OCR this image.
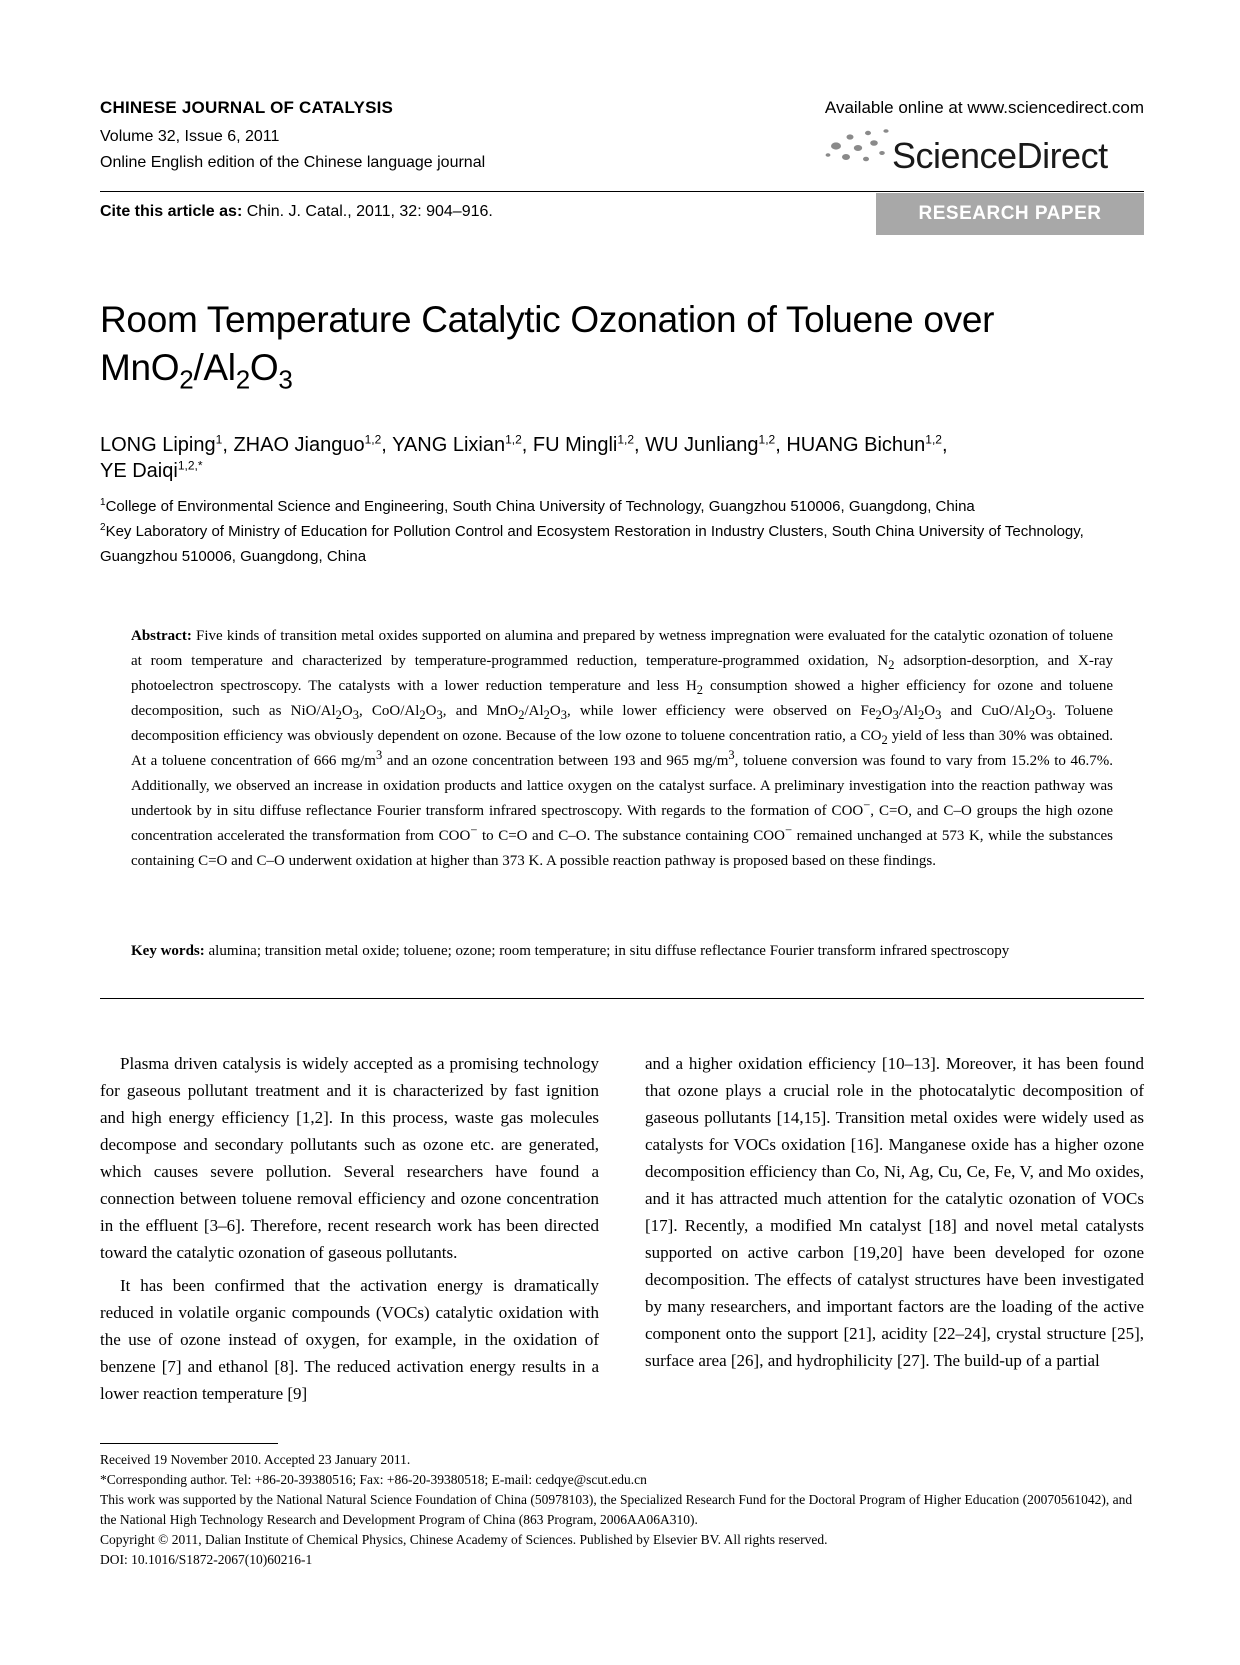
CHINESE JOURNAL OF CATALYSIS
Volume 32, Issue 6, 2011
Online English edition of the Chinese language journal
Available online at www.sciencedirect.com
ScienceDirect
Cite this article as: Chin. J. Catal., 2011, 32: 904–916.	RESEARCH PAPER
Room Temperature Catalytic Ozonation of Toluene over
$MnO_2/Al_2O_3$
LONG Liping$^1$, ZHAO Jianguo$^{1,2}$, YANG Lixian$^{1,2}$, FU Mingli$^{1,2}$, WU Junliang$^{1,2}$, HUANG Bichun$^{1,2}$,
YE Daiqi$^{1,2,*}$
$^1$College of Environmental Science and Engineering, South China University of Technology, Guangzhou 510006, Guangdong, China
$^2$Key Laboratory of Ministry of Education for Pollution Control and Ecosystem Restoration in Industry Clusters, South China University of Technology, Guangzhou 510006, Guangdong, China
Abstract: Five kinds of transition metal oxides supported on alumina and prepared by wetness impregnation were evaluated for the catalytic ozonation of toluene at room temperature and characterized by temperature-programmed reduction, temperature-programmed oxidation, $N_2$ adsorption-desorption, and X-ray photoelectron spectroscopy. The catalysts with a lower reduction temperature and less $H_2$ consumption showed a higher efficiency for ozone and toluene decomposition, such as NiO/$Al_2O_3$, CoO/$Al_2O_3$, and $MnO_2/Al_2O_3$, while lower efficiency were observed on $Fe_2O_3/Al_2O_3$ and CuO/$Al_2O_3$. Toluene decomposition efficiency was obviously dependent on ozone. Because of the low ozone to toluene concentration ratio, a $CO_2$ yield of less than 30% was obtained. At a toluene concentration of 666 $mg/m^3$ and an ozone concentration between 193 and 965 $mg/m^3$, toluene conversion was found to vary from 15.2% to 46.7%. Additionally, we observed an increase in oxidation products and lattice oxygen on the catalyst surface. A preliminary investigation into the reaction pathway was undertook by in situ diffuse reflectance Fourier transform infrared spectroscopy. With regards to the formation of COO−, C=O, and C–O groups the high ozone concentration accelerated the transformation from COO− to C=O and C–O. The substance containing COO− remained unchanged at 573 K, while the substances containing C=O and C–O underwent oxidation at higher than 373 K. A possible reaction pathway is proposed based on these findings.
Key words: alumina; transition metal oxide; toluene; ozone; room temperature; in situ diffuse reflectance Fourier transform infrared spectroscopy

Plasma driven catalysis is widely accepted as a promising technology for gaseous pollutant treatment and it is characterized by fast ignition and high energy efficiency [1,2]. In this process, waste gas molecules decompose and secondary pollutants such as ozone etc. are generated, which causes severe pollution. Several researchers have found a connection between toluene removal efficiency and ozone concentration in the effluent [3–6]. Therefore, recent research work has been directed toward the catalytic ozonation of gaseous pollutants.

It has been confirmed that the activation energy is dramatically reduced in volatile organic compounds (VOCs) catalytic oxidation with the use of ozone instead of oxygen, for example, in the oxidation of benzene [7] and ethanol [8]. The reduced activation energy results in a lower reaction temperature [9]

and a higher oxidation efficiency [10–13]. Moreover, it has been found that ozone plays a crucial role in the photocatalytic decomposition of gaseous pollutants [14,15]. Transition metal oxides were widely used as catalysts for VOCs oxidation [16]. Manganese oxide has a higher ozone decomposition efficiency than Co, Ni, Ag, Cu, Ce, Fe, V, and Mo oxides, and it has attracted much attention for the catalytic ozonation of VOCs [17]. Recently, a modified Mn catalyst [18] and novel metal catalysts supported on active carbon [19,20] have been developed for ozone decomposition. The effects of catalyst structures have been investigated by many researchers, and important factors are the loading of the active component onto the support [21], acidity [22–24], crystal structure [25], surface area [26], and hydrophilicity [27]. The build-up of a partial

Received 19 November 2010. Accepted 23 January 2011.
*Corresponding author. Tel: +86-20-39380516; Fax: +86-20-39380518; E-mail: cedqye@scut.edu.cn
This work was supported by the National Natural Science Foundation of China (50978103), the Specialized Research Fund for the Doctoral Program of Higher Education (20070561042), and the National High Technology Research and Development Program of China (863 Program, 2006AA06A310).
Copyright © 2011, Dalian Institute of Chemical Physics, Chinese Academy of Sciences. Published by Elsevier BV. All rights reserved.
DOI: 10.1016/S1872-2067(10)60216-1
